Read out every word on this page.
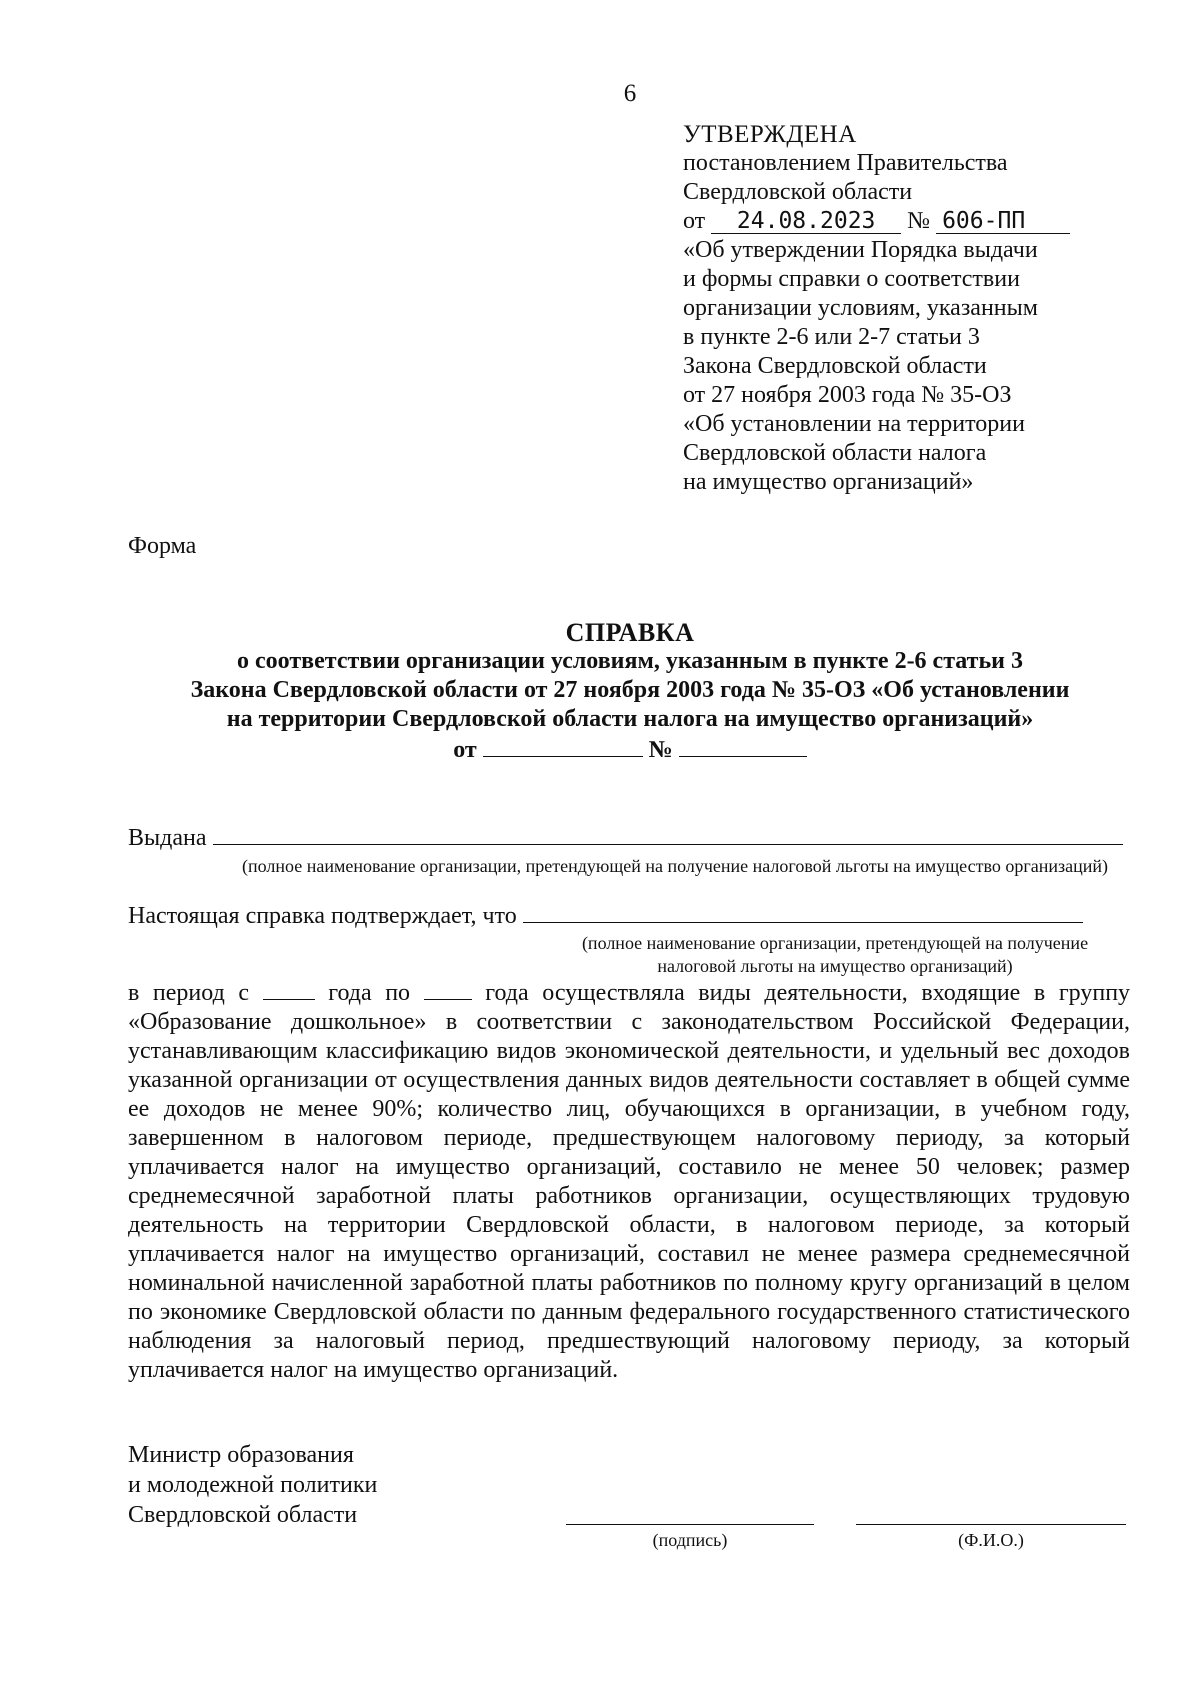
6
УТВЕРЖДЕНА
постановлением Правительства
Свердловской области
от 24.08.2023 № 606-ПП
«Об утверждении Порядка выдачи
и формы справки о соответствии
организации условиям, указанным
в пункте 2-6 или 2-7 статьи 3
Закона Свердловской области
от 27 ноября 2003 года № 35-ОЗ
«Об установлении на территории
Свердловской области налога
на имущество организаций»
Форма
СПРАВКА
о соответствии организации условиям, указанным в пункте 2-6 статьи 3
Закона Свердловской области от 27 ноября 2003 года № 35-ОЗ «Об установлении
на территории Свердловской области налога на имущество организаций»
от	№
Выдана
(полное наименование организации, претендующей на получение налоговой льготы на имущество организаций)
Настоящая справка подтверждает, что
(полное наименование организации, претендующей на получение
налоговой льготы на имущество организаций)
в период с	года по	года осуществляла виды деятельности, входящие в группу «Образование дошкольное» в соответствии с законодательством Российской Федерации, устанавливающим классификацию видов экономической деятельности, и удельный вес доходов указанной организации от осуществления данных видов деятельности составляет в общей сумме ее доходов не менее 90%; количество лиц, обучающихся в организации, в учебном году, завершенном в налоговом периоде, предшествующем налоговому периоду, за который уплачивается налог на имущество организаций, составило не менее 50 человек; размер среднемесячной заработной платы работников организации, осуществляющих трудовую деятельность на территории Свердловской области, в налоговом периоде, за который уплачивается налог на имущество организаций, составил не менее размера среднемесячной номинальной начисленной заработной платы работников по полному кругу организаций в целом по экономике Свердловской области по данным федерального государственного статистического наблюдения за налоговый период, предшествующий налоговому периоду, за который уплачивается налог на имущество организаций.
Министр образования
и молодежной политики
Свердловской области
(подпись)	(Ф.И.О.)
